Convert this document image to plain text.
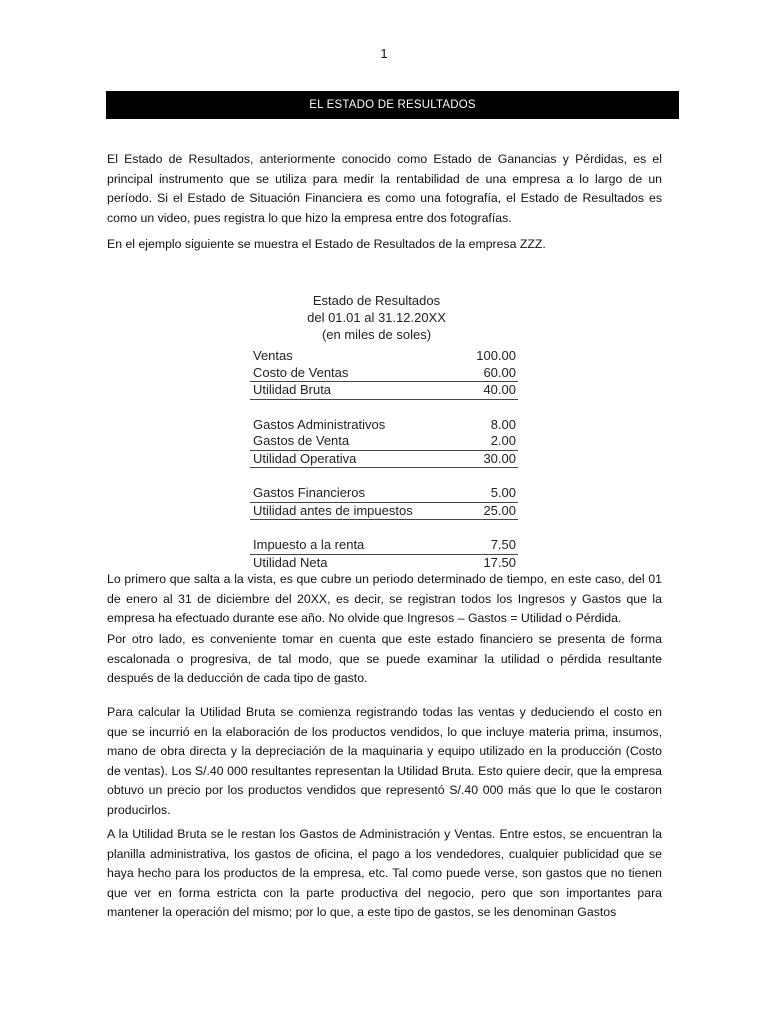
1
EL ESTADO DE RESULTADOS

El Estado de Resultados, anteriormente conocido como Estado de Ganancias y Pérdidas, es el principal instrumento que se utiliza para medir la rentabilidad de una empresa a lo largo de un período. Si el Estado de Situación Financiera es como una fotografía, el Estado de Resultados es como un video, pues registra lo que hizo la empresa entre dos fotografías.

En el ejemplo siguiente se muestra el Estado de Resultados de la empresa ZZZ.

Estado de Resultados
del 01.01 al 31.12.20XX
(en miles de soles)
Ventas	100.00
Costo de Ventas	60.00
Utilidad Bruta	40.00
Gastos Administrativos	8.00
Gastos de Venta	2.00
Utilidad Operativa	30.00
Gastos Financieros	5.00
Utilidad antes de impuestos	25.00
Impuesto a la renta	7.50
Utilidad Neta	17.50

Lo primero que salta a la vista, es que cubre un periodo determinado de tiempo, en este caso, del 01 de enero al 31 de diciembre del 20XX, es decir, se registran todos los Ingresos y Gastos que la empresa ha efectuado durante ese año. No olvide que Ingresos – Gastos = Utilidad o Pérdida.

Por otro lado, es conveniente tomar en cuenta que este estado financiero se presenta de forma escalonada o progresiva, de tal modo, que se puede examinar la utilidad o pérdida resultante después de la deducción de cada tipo de gasto.

Para calcular la Utilidad Bruta se comienza registrando todas las ventas y deduciendo el costo en que se incurrió en la elaboración de los productos vendidos, lo que incluye materia prima, insumos, mano de obra directa y la depreciación de la maquinaria y equipo utilizado en la producción (Costo de ventas). Los S/.40 000 resultantes representan la Utilidad Bruta. Esto quiere decir, que la empresa obtuvo un precio por los productos vendidos que representó S/.40 000 más que lo que le costaron producirlos.

A la Utilidad Bruta se le restan los Gastos de Administración y Ventas. Entre estos, se encuentran la planilla administrativa, los gastos de oficina, el pago a los vendedores, cualquier publicidad que se haya hecho para los productos de la empresa, etc. Tal como puede verse, son gastos que no tienen que ver en forma estricta con la parte productiva del negocio, pero que son importantes para mantener la operación del mismo; por lo que, a este tipo de gastos, se les denominan Gastos
